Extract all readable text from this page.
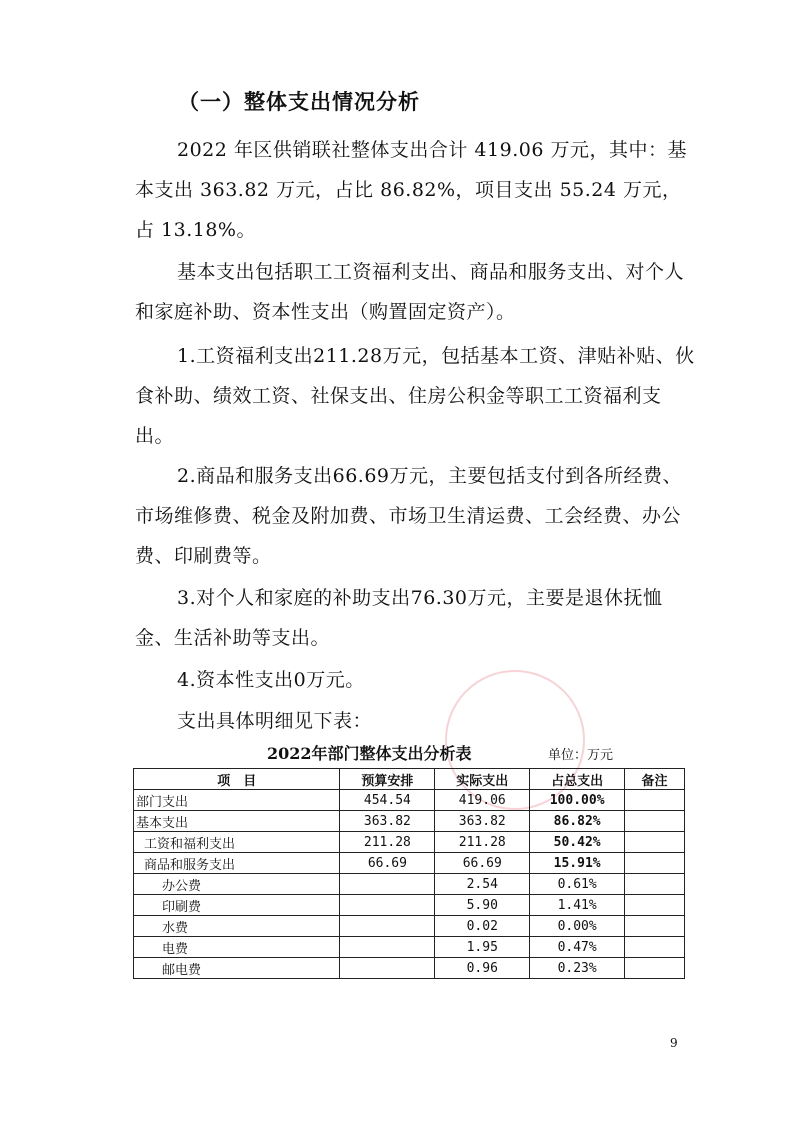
（一）整体支出情况分析
2022 年区供销联社整体支出合计 419.06 万元，其中：基本支出 363.82 万元，占比 86.82%，项目支出 55.24 万元，占 13.18%。
基本支出包括职工工资福利支出、商品和服务支出、对个人和家庭补助、资本性支出（购置固定资产）。
1.工资福利支出211.28万元，包括基本工资、津贴补贴、伙食补助、绩效工资、社保支出、住房公积金等职工工资福利支出。
2.商品和服务支出66.69万元，主要包括支付到各所经费、市场维修费、税金及附加费、市场卫生清运费、工会经费、办公费、印刷费等。
3.对个人和家庭的补助支出76.30万元，主要是退休抚恤金、生活补助等支出。
4.资本性支出0万元。
支出具体明细见下表：
2022年部门整体支出分析表	单位：万元
项　目	预算安排	实际支出	占总支出	备注
部门支出	454.54	419.06	100.00%	
基本支出	363.82	363.82	86.82%	
工资和福利支出	211.28	211.28	50.42%	
商品和服务支出	66.69	66.69	15.91%	
办公费		2.54	0.61%	
印刷费		5.90	1.41%	
水费		0.02	0.00%	
电费		1.95	0.47%	
邮电费		0.96	0.23%	
9
